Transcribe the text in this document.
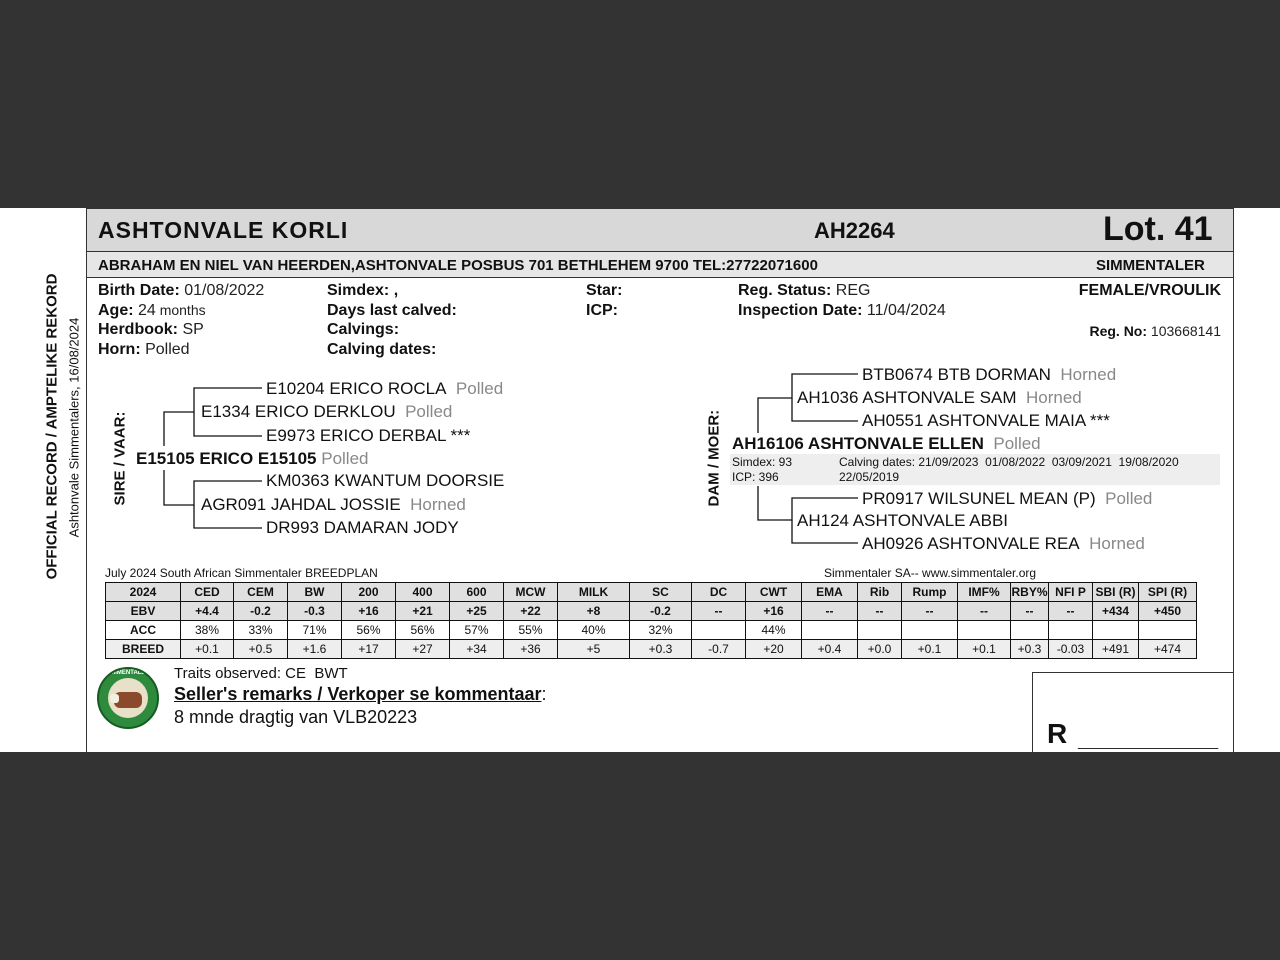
OFFICIAL RECORD / AMPTELIKE REKORD Ashtonvale Simmentalers, 16/08/2024
ASHTONVALE KORLI	AH2264	Lot. 41
ABRAHAM EN NIEL VAN HEERDEN,ASHTONVALE POSBUS 701 BETHLEHEM 9700 TEL:27722071600	SIMMENTALER
Birth Date: 01/08/2022
Age: 24 months
Herdbook: SP
Horn: Polled
Simdex: ,
Days last calved:
Calvings:
Calving dates:
Star:
ICP:
Reg. Status: REG
Inspection Date: 11/04/2024
FEMALE/VROULIK
Reg. No: 103668141
SIRE / VAAR:
E10204 ERICO ROCLA Polled
E1334 ERICO DERKLOU Polled
E9973 ERICO DERBAL ***
E15105 ERICO E15105 Polled
KM0363 KWANTUM DOORSIE
AGR091 JAHDAL JOSSIE Horned
DR993 DAMARAN JODY
DAM / MOER:
BTB0674 BTB DORMAN Horned
AH1036 ASHTONVALE SAM Horned
AH0551 ASHTONVALE MAIA ***
AH16106 ASHTONVALE ELLEN Polled
Simdex: 93
ICP: 396
Calving dates: 21/09/2023  01/08/2022  03/09/2021  19/08/2020
22/05/2019
PR0917 WILSUNEL MEAN (P) Polled
AH124 ASHTONVALE ABBI
AH0926 ASHTONVALE REA Horned
July 2024 South African Simmentaler BREEDPLAN	Simmentaler SA-- www.simmentaler.org
2024	CED	CEM	BW	200	400	600	MCW	MILK	SC	DC	CWT	EMA	Rib	Rump	IMF%	RBY%	NFI P	SBI (R)	SPI (R)
EBV	+4.4	-0.2	-0.3	+16	+21	+25	+22	+8	-0.2	--	+16	--	--	--	--	--	--	+434	+450
ACC	38%	33%	71%	56%	56%	57%	55%	40%	32%		44%								
BREED	+0.1	+0.5	+1.6	+17	+27	+34	+36	+5	+0.3	-0.7	+20	+0.4	+0.0	+0.1	+0.1	+0.3	-0.03	+491	+474
SIMMENTALER	Traits observed: CE  BWT
Seller's remarks / Verkoper se kommentaar:
8 mnde dragtig van VLB20223
R __________________
